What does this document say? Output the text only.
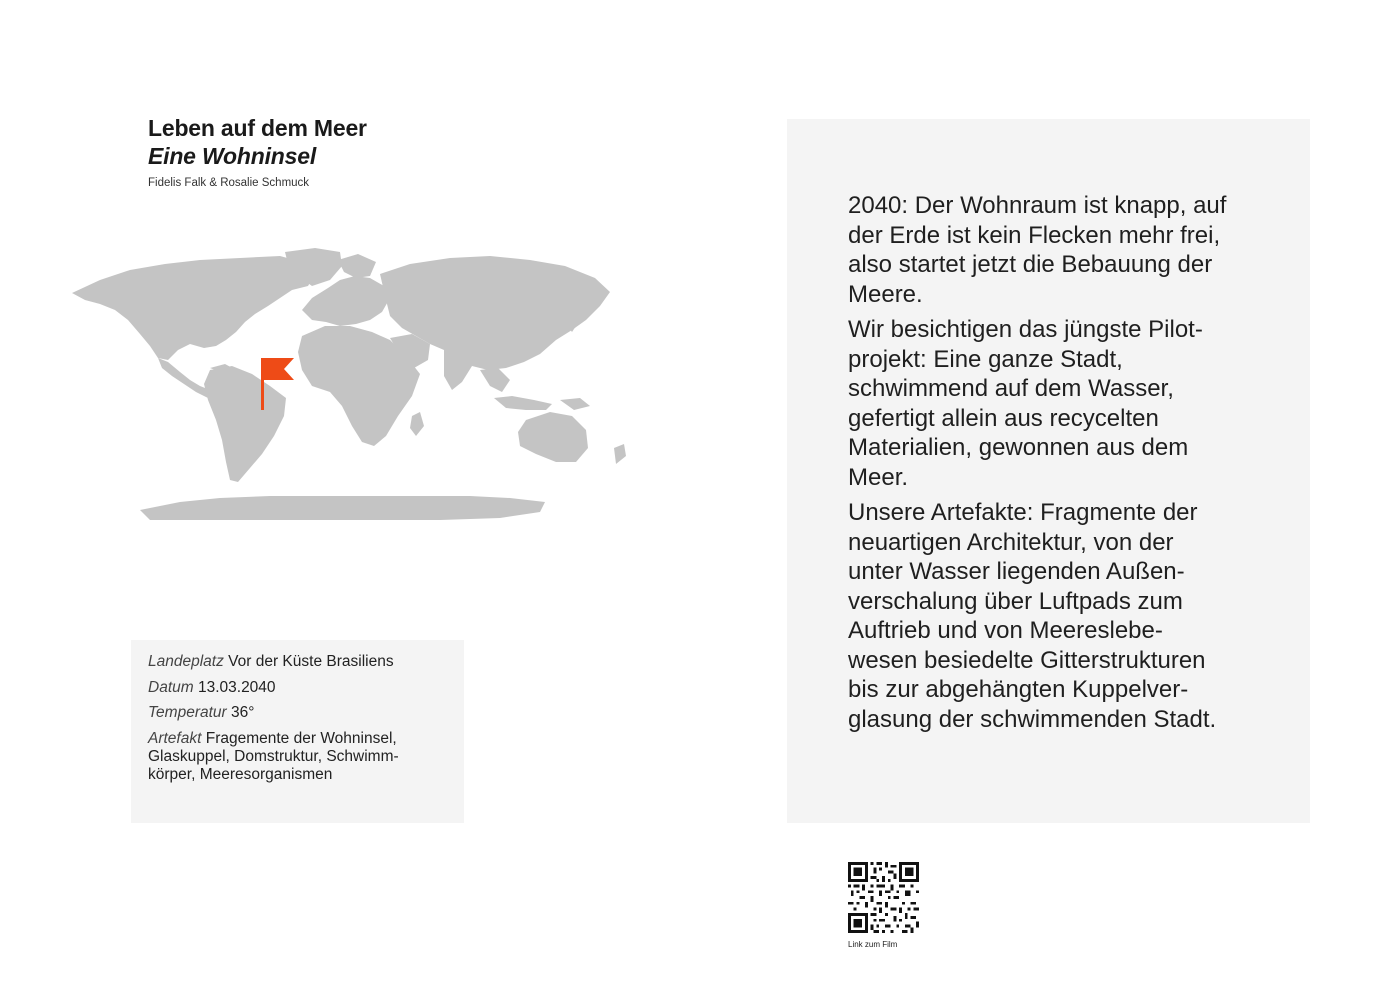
Leben auf dem Meer
Eine Wohninsel
Fidelis Falk & Rosalie Schmuck
Landeplatz Vor der Küste Brasiliens
Datum 13.03.2040
Temperatur 36°
Artefakt Fragemente der Wohninsel,
Glaskuppel, Domstruktur, Schwimm-
körper, Meeresorganismen

2040: Der Wohnraum ist knapp, auf
der Erde ist kein Flecken mehr frei,
also startet jetzt die Bebauung der
Meere.

Wir besichtigen das jüngste Pilot-
projekt: Eine ganze Stadt,
schwimmend auf dem Wasser,
gefertigt allein aus recycelten
Materialien, gewonnen aus dem
Meer.

Unsere Artefakte: Fragmente der
neuartigen Architektur, von der
unter Wasser liegenden Außen-
verschalung über Luftpads zum
Auftrieb und von Meereslebe-
wesen besiedelte Gitterstrukturen
bis zur abgehängten Kuppelver-
glasung der schwimmenden Stadt.

Link zum Film
